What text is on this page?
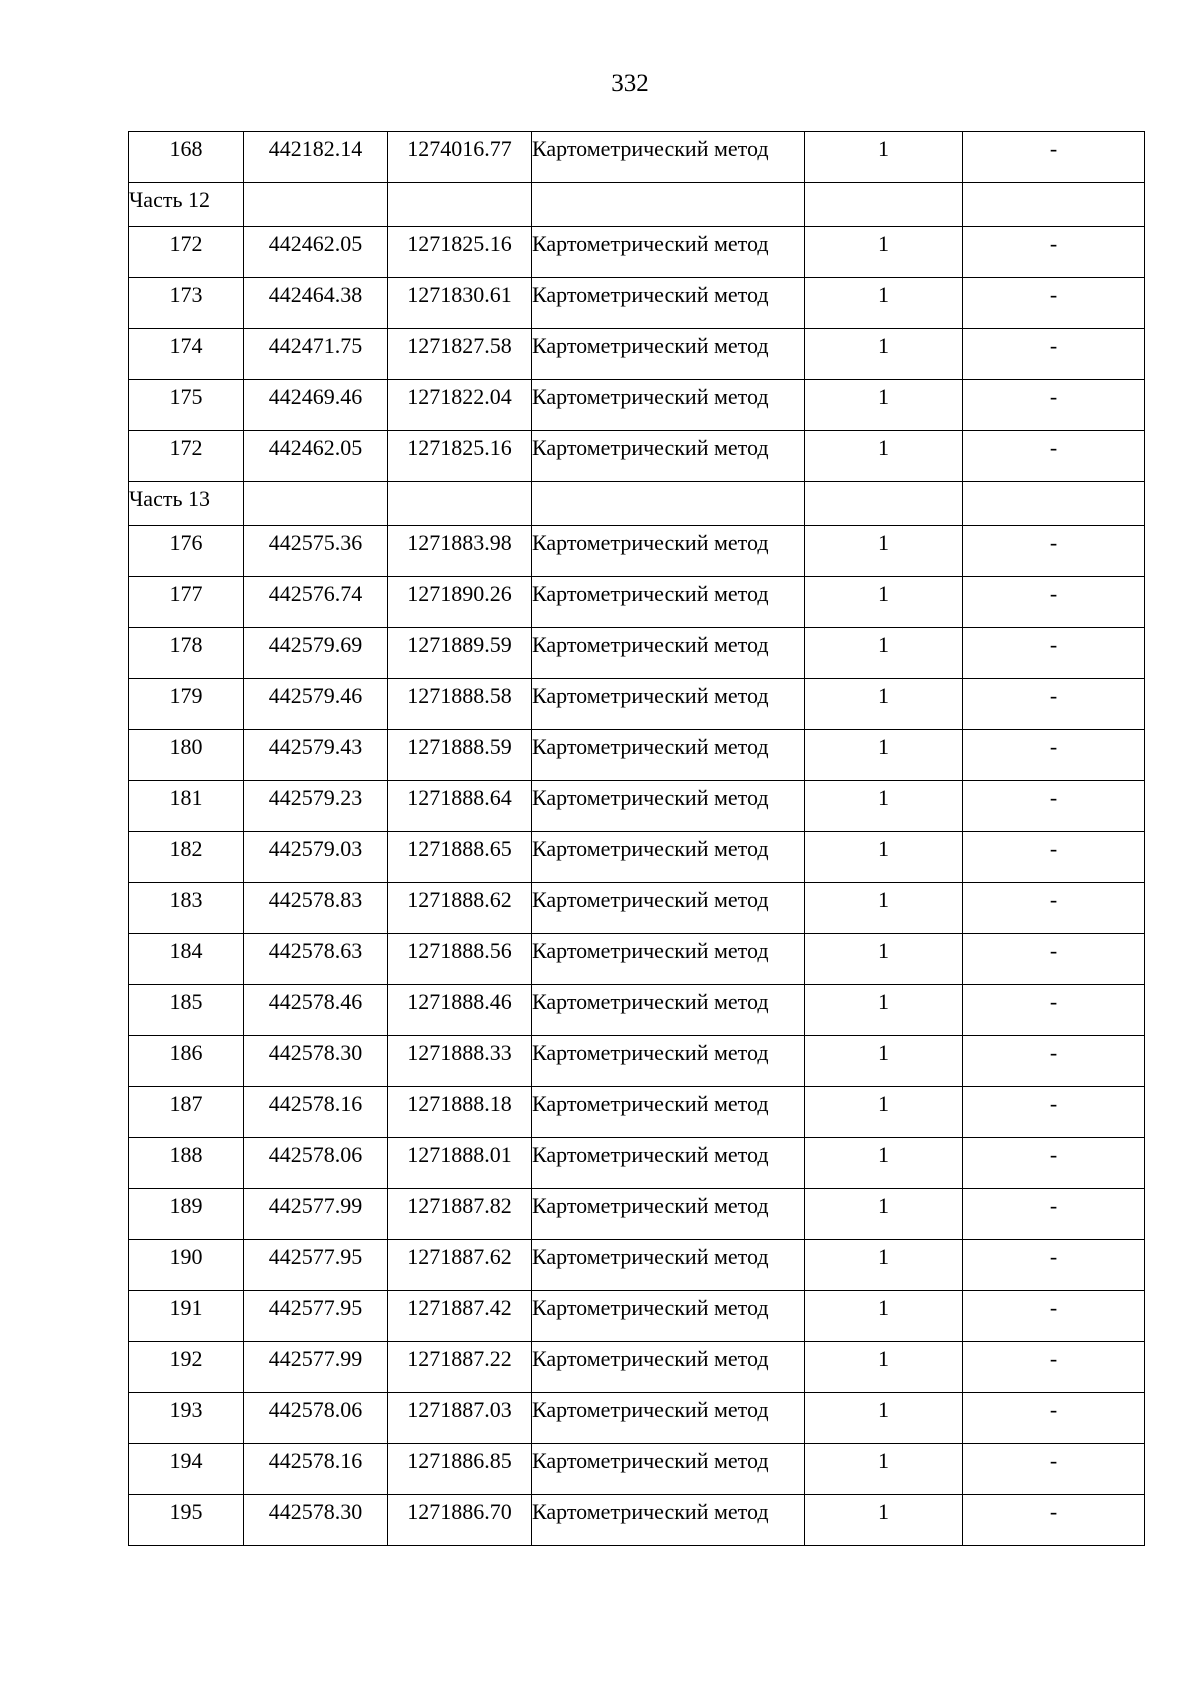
332
168	442182.14	1274016.77	Картометрический метод	1	-
Часть 12					
172	442462.05	1271825.16	Картометрический метод	1	-
173	442464.38	1271830.61	Картометрический метод	1	-
174	442471.75	1271827.58	Картометрический метод	1	-
175	442469.46	1271822.04	Картометрический метод	1	-
172	442462.05	1271825.16	Картометрический метод	1	-
Часть 13					
176	442575.36	1271883.98	Картометрический метод	1	-
177	442576.74	1271890.26	Картометрический метод	1	-
178	442579.69	1271889.59	Картометрический метод	1	-
179	442579.46	1271888.58	Картометрический метод	1	-
180	442579.43	1271888.59	Картометрический метод	1	-
181	442579.23	1271888.64	Картометрический метод	1	-
182	442579.03	1271888.65	Картометрический метод	1	-
183	442578.83	1271888.62	Картометрический метод	1	-
184	442578.63	1271888.56	Картометрический метод	1	-
185	442578.46	1271888.46	Картометрический метод	1	-
186	442578.30	1271888.33	Картометрический метод	1	-
187	442578.16	1271888.18	Картометрический метод	1	-
188	442578.06	1271888.01	Картометрический метод	1	-
189	442577.99	1271887.82	Картометрический метод	1	-
190	442577.95	1271887.62	Картометрический метод	1	-
191	442577.95	1271887.42	Картометрический метод	1	-
192	442577.99	1271887.22	Картометрический метод	1	-
193	442578.06	1271887.03	Картометрический метод	1	-
194	442578.16	1271886.85	Картометрический метод	1	-
195	442578.30	1271886.70	Картометрический метод	1	-
